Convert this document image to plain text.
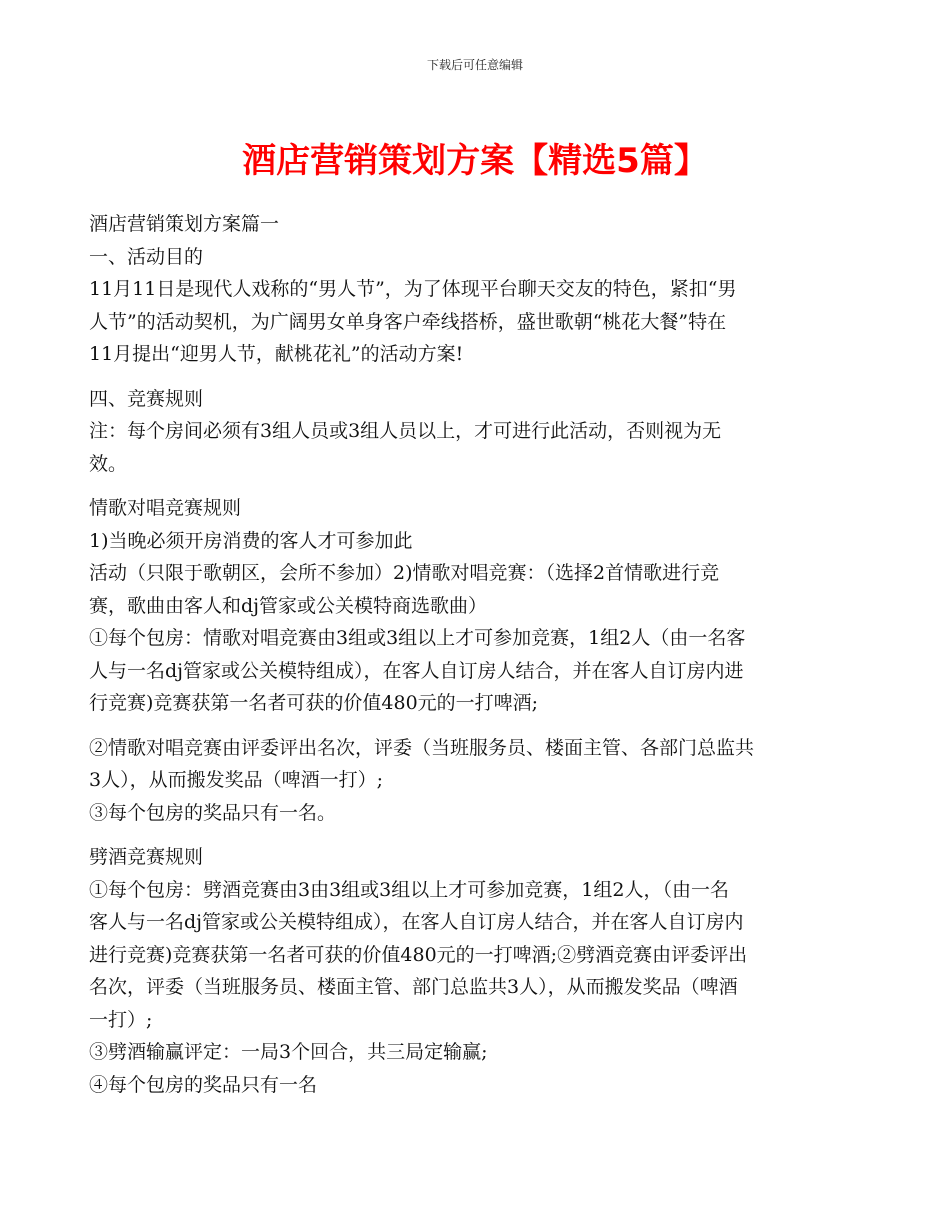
下载后可任意编辑
酒店营销策划方案【精选5篇】

酒店营销策划方案篇一

一、活动目的

11月11日是现代人戏称的“男人节”，为了体现平台聊天交友的特色，紧扣“男

人节”的活动契机，为广阔男女单身客户牵线搭桥，盛世歌朝“桃花大餐”特在

11月提出“迎男人节，献桃花礼”的活动方案!

四、竞赛规则

注：每个房间必须有3组人员或3组人员以上，才可进行此活动，否则视为无

效。

情歌对唱竞赛规则

1)当晚必须开房消费的客人才可参加此

活动（只限于歌朝区，会所不参加）2)情歌对唱竞赛：（选择2首情歌进行竞

赛，歌曲由客人和dj管家或公关模特商选歌曲）

①每个包房：情歌对唱竞赛由3组或3组以上才可参加竞赛，1组2人（由一名客

人与一名dj管家或公关模特组成），在客人自订房人结合，并在客人自订房内进

行竞赛)竞赛获第一名者可获的价值480元的一打啤酒;

②情歌对唱竞赛由评委评出名次，评委（当班服务员、楼面主管、各部门总监共

3人），从而搬发奖品（啤酒一打）;

③每个包房的奖品只有一名。

劈酒竞赛规则

①每个包房：劈酒竞赛由3由3组或3组以上才可参加竞赛，1组2人，（由一名

客人与一名dj管家或公关模特组成），在客人自订房人结合，并在客人自订房内

进行竞赛)竞赛获第一名者可获的价值480元的一打啤酒;②劈酒竞赛由评委评出

名次，评委（当班服务员、楼面主管、部门总监共3人），从而搬发奖品（啤酒

一打）;

③劈酒输赢评定：一局3个回合，共三局定输赢;

④每个包房的奖品只有一名
